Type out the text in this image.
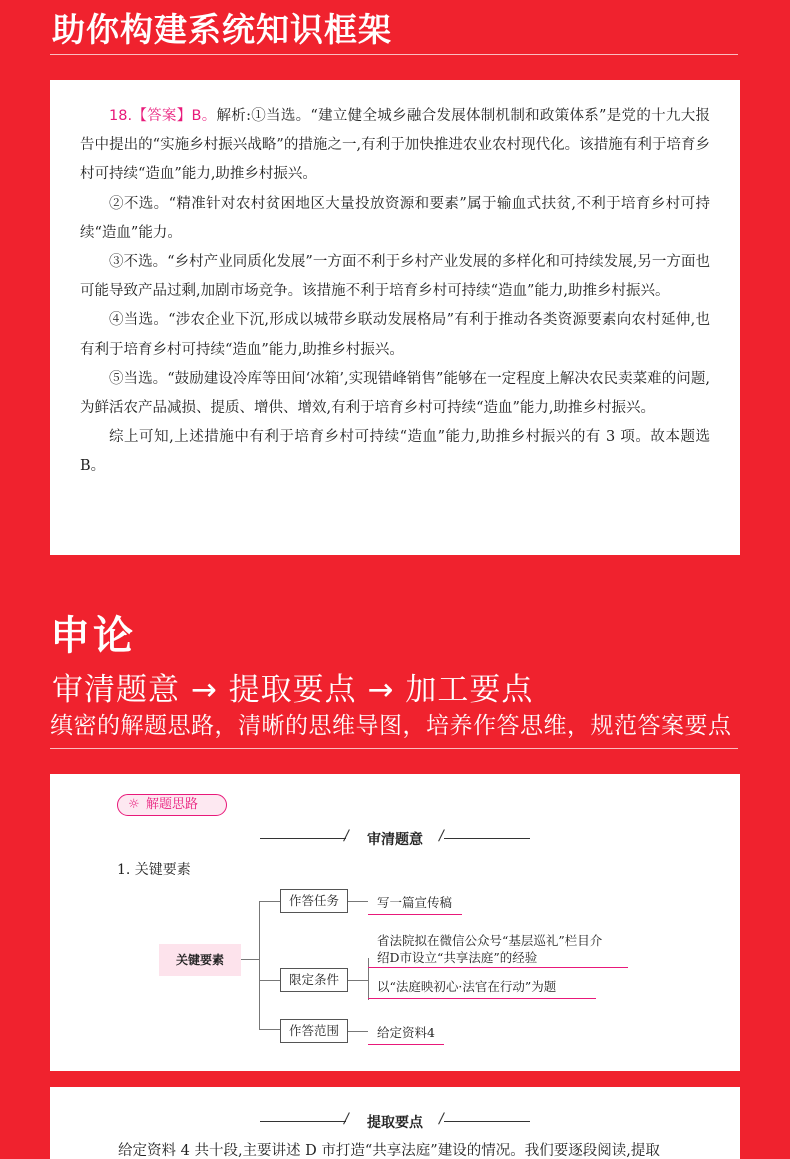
助你构建系统知识框架

18.【答案】B。解析:①当选。“建立健全城乡融合发展体制机制和政策体系”是党的十九大报告中提出的“实施乡村振兴战略”的措施之一,有利于加快推进农业农村现代化。该措施有利于培育乡村可持续“造血”能力,助推乡村振兴。

②不选。“精准针对农村贫困地区大量投放资源和要素”属于输血式扶贫,不利于培育乡村可持续“造血”能力。

③不选。“乡村产业同质化发展”一方面不利于乡村产业发展的多样化和可持续发展,另一方面也可能导致产品过剩,加剧市场竞争。该措施不利于培育乡村可持续“造血”能力,助推乡村振兴。

④当选。“涉农企业下沉,形成以城带乡联动发展格局”有利于推动各类资源要素向农村延伸,也有利于培育乡村可持续“造血”能力,助推乡村振兴。

⑤当选。“鼓励建设冷库等田间‘冰箱’,实现错峰销售”能够在一定程度上解决农民卖菜难的问题,为鲜活农产品减损、提质、增供、增效,有利于培育乡村可持续“造血”能力,助推乡村振兴。

综上可知,上述措施中有利于培育乡村可持续“造血”能力,助推乡村振兴的有 3 项。故本题选 B。

申论
审清题意 → 提取要点 → 加工要点
缜密的解题思路，清晰的思维导图，培养作答思维，规范答案要点
☼ 解题思路
/	审清题意	/
1. 关键要素
关键要素
作答任务	写一篇宣传稿
限定条件
省法院拟在微信公众号“基层巡礼”栏目介
绍D市设立“共享法庭”的经验
以“法庭映初心·法官在行动”为题
作答范围	给定资料4
/	提取要点	/

给定资料 4 共十段,主要讲述 D 市打造“共享法庭”建设的情况。我们要逐段阅读,提取
